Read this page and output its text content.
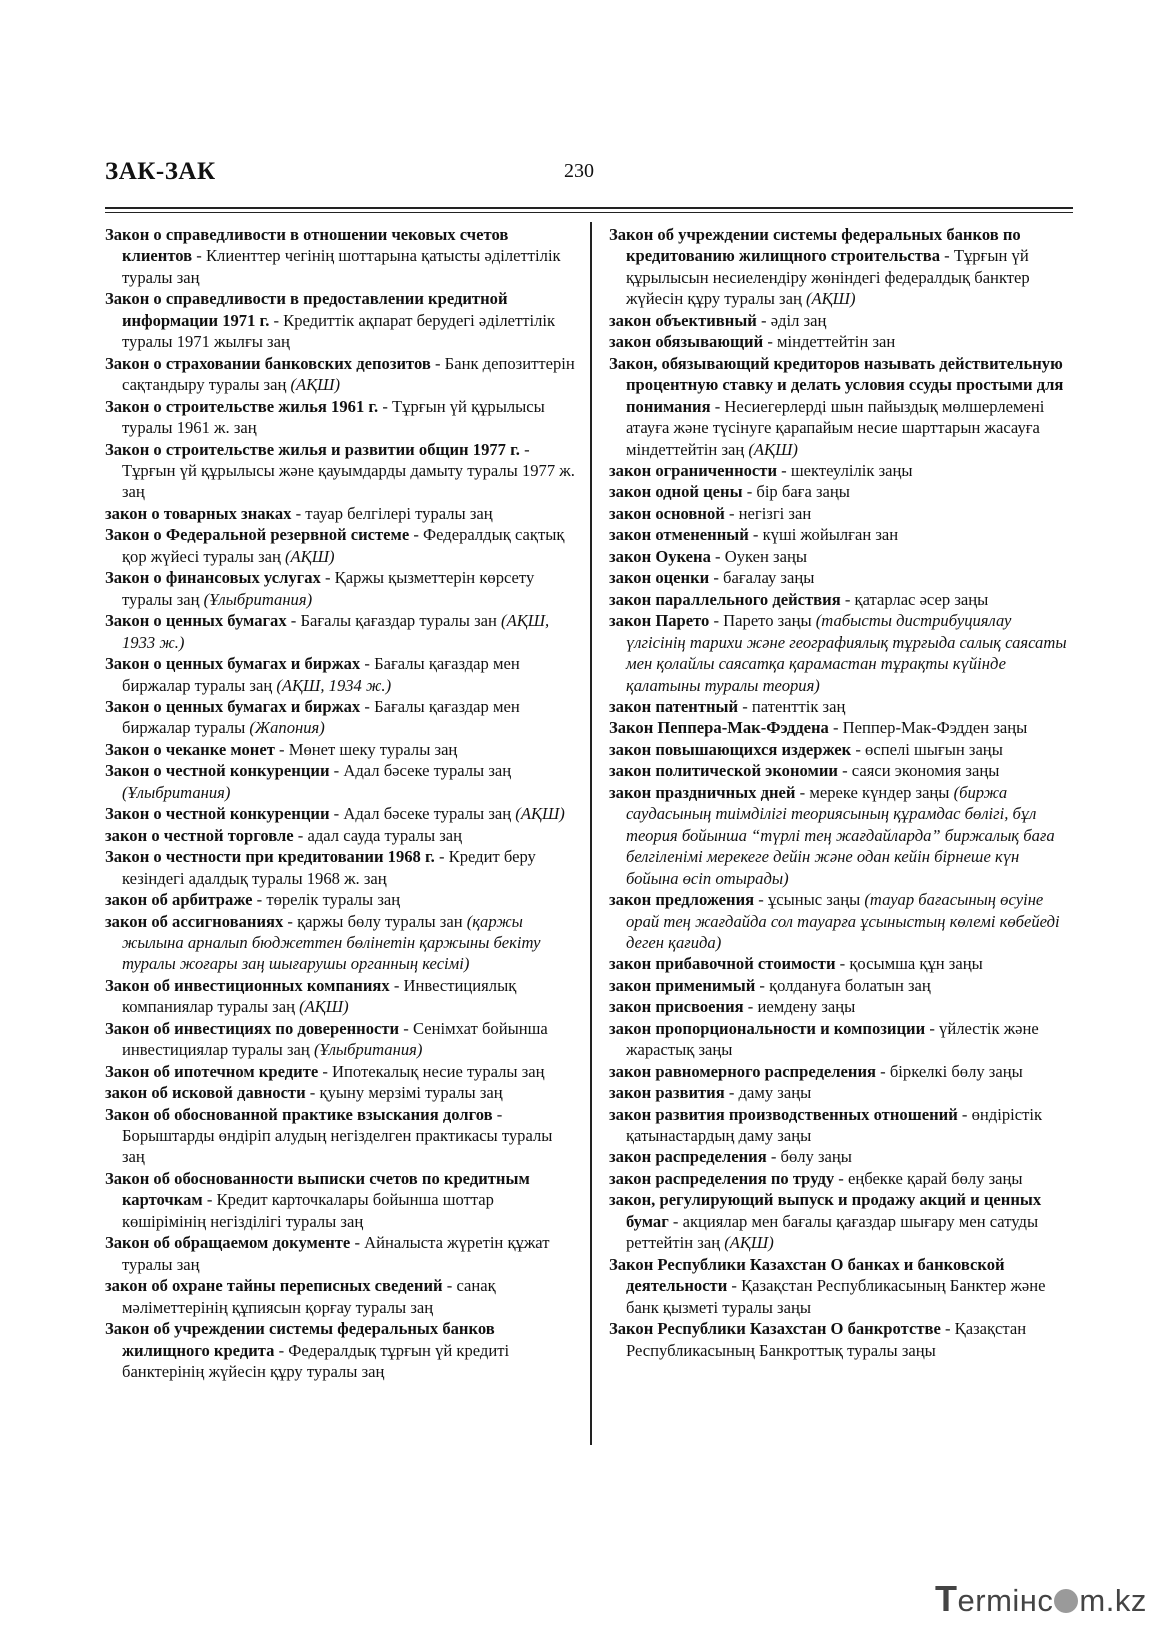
ЗАК-ЗАК	230

Закон о справедливости в отношении чековых счетов клиентов - Клиенттер чегінің шоттарына қатысты әділеттілік туралы заң

Закон о справедливости в предоставлении кредитной информации 1971 г. - Кредиттік ақпарат берудегі әділеттілік туралы 1971 жылғы заң

Закон о страховании банковских депозитов - Банк депозиттерін сақтандыру туралы заң (АҚШ)

Закон о строительстве жилья 1961 г. - Тұрғын үй құрылысы туралы 1961 ж. заң

Закон о строительстве жилья и развитии общин 1977 г. - Тұрғын үй құрылысы және қауымдарды дамыту туралы 1977 ж. заң

закон о товарных знаках - тауар белгілері туралы заң

Закон о Федеральной резервной системе - Федералдық сақтық қор жүйесі туралы заң (АҚШ)

Закон о финансовых услугах - Қаржы қызметтерін көрсету туралы заң (Ұлыбритания)

Закон о ценных бумагах - Бағалы қағаздар туралы зан (АҚШ, 1933 ж.)

Закон о ценных бумагах и биржах - Бағалы қағаздар мен биржалар туралы заң (АҚШ, 1934 ж.)

Закон о ценных бумагах и биржах - Бағалы қағаздар мен биржалар туралы (Жапония)

Закон о чеканке монет - Мөнет шеку туралы заң

Закон о честной конкуренции - Адал бәсеке туралы заң (Ұлыбритания)

Закон о честной конкуренции - Адал бәсеке туралы заң (АҚШ)

закон о честной торговле - адал сауда туралы заң

Закон о честности при кредитовании 1968 г. - Кредит беру кезіндегі адалдық туралы 1968 ж. заң

закон об арбитраже - төрелік туралы заң

закон об ассигнованиях - қаржы бөлу туралы зан (қаржы жылына арналып бюджеттен бөлінетін қаржыны бекіту туралы жоғары заң шығарушы органның кесімі)

Закон об инвестиционных компаниях - Инвестициялық компаниялар туралы заң (АҚШ)

Закон об инвестициях по доверенности - Сенімхат бойынша инвестициялар туралы заң (Ұлыбритания)

Закон об ипотечном кредите - Ипотекалық несие туралы заң

закон об исковой давности - қуыну мерзімі туралы заң

Закон об обоснованной практике взыскания долгов - Борыштарды өндіріп алудың негізделген практикасы туралы заң

Закон об обоснованности выписки счетов по кредитным карточкам - Кредит карточкалары бойынша шоттар көшірімінің негізділігі туралы заң

Закон об обращаемом документе - Айналыста жүретін құжат туралы заң

закон об охране тайны переписных сведений - санақ мәліметтерінің құпиясын қорғау туралы заң

Закон об учреждении системы федеральных банков жилищного кредита - Федералдық тұрғын үй кредиті банктерінің жүйесін құру туралы заң

Закон об учреждении системы федеральных банков по кредитованию жилищного строительства - Тұрғын үй құрылысын несиелендіру жөніндегі федералдық банктер жүйесін құру туралы заң (АҚШ)

закон объективный - әділ заң

закон обязывающий - міндеттейтін зан

Закон, обязывающий кредиторов называть действительную процентную ставку и делать условия ссуды простыми для понимания - Несиегерлерді шын пайыздық мөлшерлемені атауға және түсінуге қарапайым несие шарттарын жасауға міндеттейтін заң (АҚШ)

закон ограниченности - шектеулілік заңы

закон одной цены - бір баға заңы

закон основной - негізгі зан

закон отмененный - күші жойылған зан

закон Оукена - Оукен заңы

закон оценки - бағалау заңы

закон параллельного действия - қатарлас әсер заңы

закон Парето - Парето заңы (табысты дистрибуциялау үлгісінің тарихи және географиялық тұрғыда салық саясаты мен қолайлы саясатқа қарамастан тұрақты күйінде қалатыны туралы теория)

закон патентный - патенттік заң

Закон Пеппера-Мак-Фэддена - Пеппер-Мак-Фэдден заңы

закон повышающихся издержек - өспелі шығын заңы

закон политической экономии - саяси экономия заңы

закон праздничных дней - мереке күндер заңы (биржа саудасының тиімділігі теориясының құрамдас бөлігі, бұл теория бойынша “түрлі тең жағдайларда” биржалық баға белгіленімі мерекеге дейін және одан кейін бірнеше күн бойына өсіп отырады)

закон предложения - ұсыныс заңы (тауар бағасының өсуіне орай тең жағдайда сол тауарға ұсыныстың көлемі көбейеді деген қағида)

закон прибавочной стоимости - қосымша құн заңы

закон применимый - қолдануға болатын заң

закон присвоения - иемдену заңы

закон пропорциональности и композиции - үйлестік және жарастық заңы

закон равномерного распределения - біркелкі бөлу заңы

закон развития - даму заңы

закон развития производственных отношений - өндірістік қатынастардың даму заңы

закон распределения - бөлу заңы

закон распределения по труду - еңбекке қарай бөлу заңы

закон, регулирующий выпуск и продажу акций и ценных бумаг - акциялар мен бағалы қағаздар шығару мен сатуды реттейтін заң (АҚШ)

Закон Республики Казахстан О банках и банковской деятельности - Қазақстан Республикасының Банктер және банк қызметі туралы заңы

Закон Республики Казахстан О банкротстве - Қазақстан Республикасының Банкроттық туралы заңы

Termінc m.kz
